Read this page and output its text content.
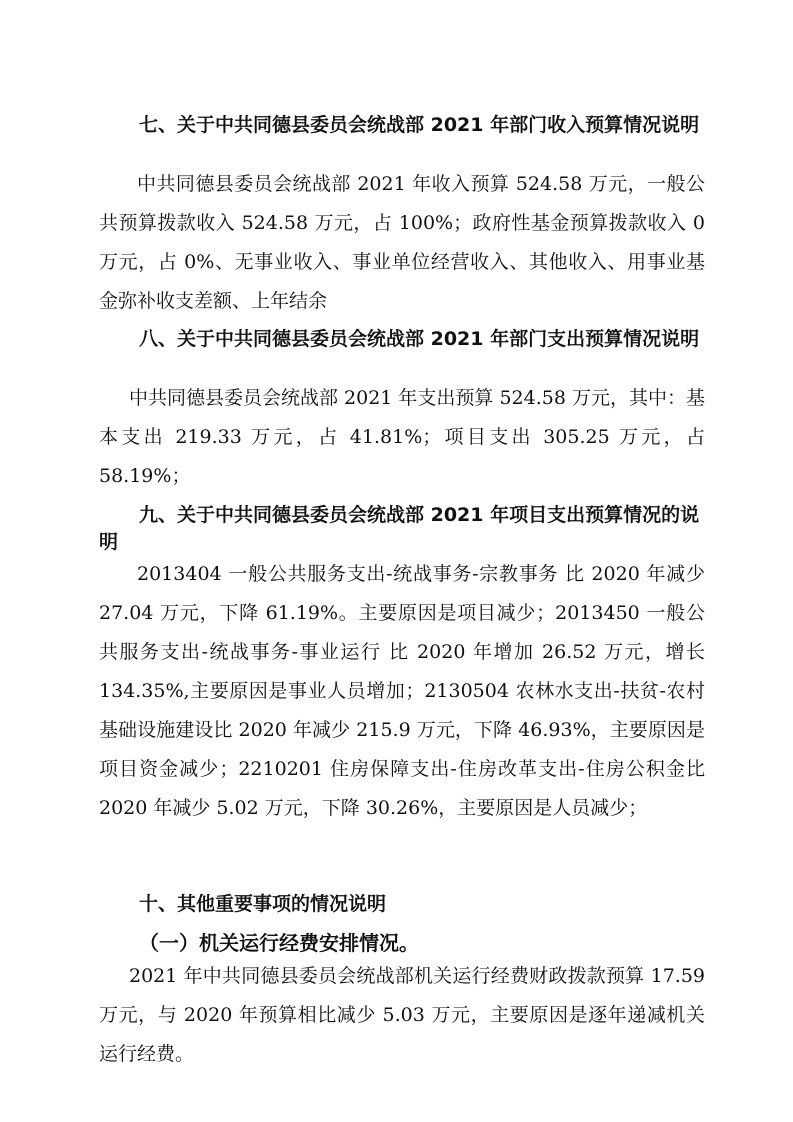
七、关于中共同德县委员会统战部 2021 年部门收入预算情况说明

中共同德县委员会统战部 2021 年收入预算 524.58 万元，一般公共预算拨款收入 524.58 万元，占 100%；政府性基金预算拨款收入 0 万元，占 0%、无事业收入、事业单位经营收入、其他收入、用事业基金弥补收支差额、上年结余

八、关于中共同德县委员会统战部 2021 年部门支出预算情况说明

中共同德县委员会统战部 2021 年支出预算 524.58 万元，其中：基本支出 219.33 万元，占 41.81%；项目支出 305.25 万元，占 58.19%；

九、关于中共同德县委员会统战部 2021 年项目支出预算情况的说明

2013404 一般公共服务支出-统战事务-宗教事务 比 2020 年减少 27.04 万元，下降 61.19%。主要原因是项目减少；2013450 一般公共服务支出-统战事务-事业运行 比 2020 年增加 26.52 万元，增长 134.35%,主要原因是事业人员增加；2130504 农林水支出-扶贫-农村基础设施建设比 2020 年减少 215.9 万元，下降 46.93%，主要原因是项目资金减少；2210201 住房保障支出-住房改革支出-住房公积金比 2020 年减少 5.02 万元，下降 30.26%，主要原因是人员减少；

十、其他重要事项的情况说明
（一）机关运行经费安排情况。

2021 年中共同德县委员会统战部机关运行经费财政拨款预算 17.59 万元，与 2020 年预算相比减少 5.03 万元，主要原因是逐年递减机关运行经费。
